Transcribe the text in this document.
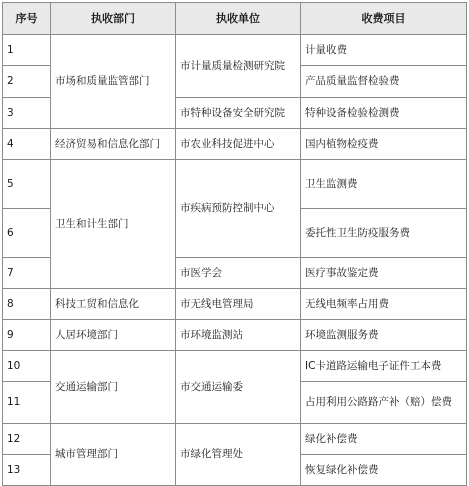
序号	执收部门	执收单位	收费项目
1	市场和质量监管部门	市计量质量检测研究院	计量收费
2			产品质量监督检验费
3		市特种设备安全研究院	特种设备检验检测费
4	经济贸易和信息化部门	市农业科技促进中心	国内植物检疫费
5	卫生和计生部门	市疾病预防控制中心	卫生监测费
6			委托性卫生防疫服务费
7		市医学会	医疗事故鉴定费
8	科技工贸和信息化	市无线电管理局	无线电频率占用费
9	人居环境部门	市环境监测站	环境监测服务费
10	交通运输部门	市交通运输委	IC卡道路运输电子证件工本费
11			占用利用公路路产补（赔）偿费
12	城市管理部门	市绿化管理处	绿化补偿费
13			恢复绿化补偿费
